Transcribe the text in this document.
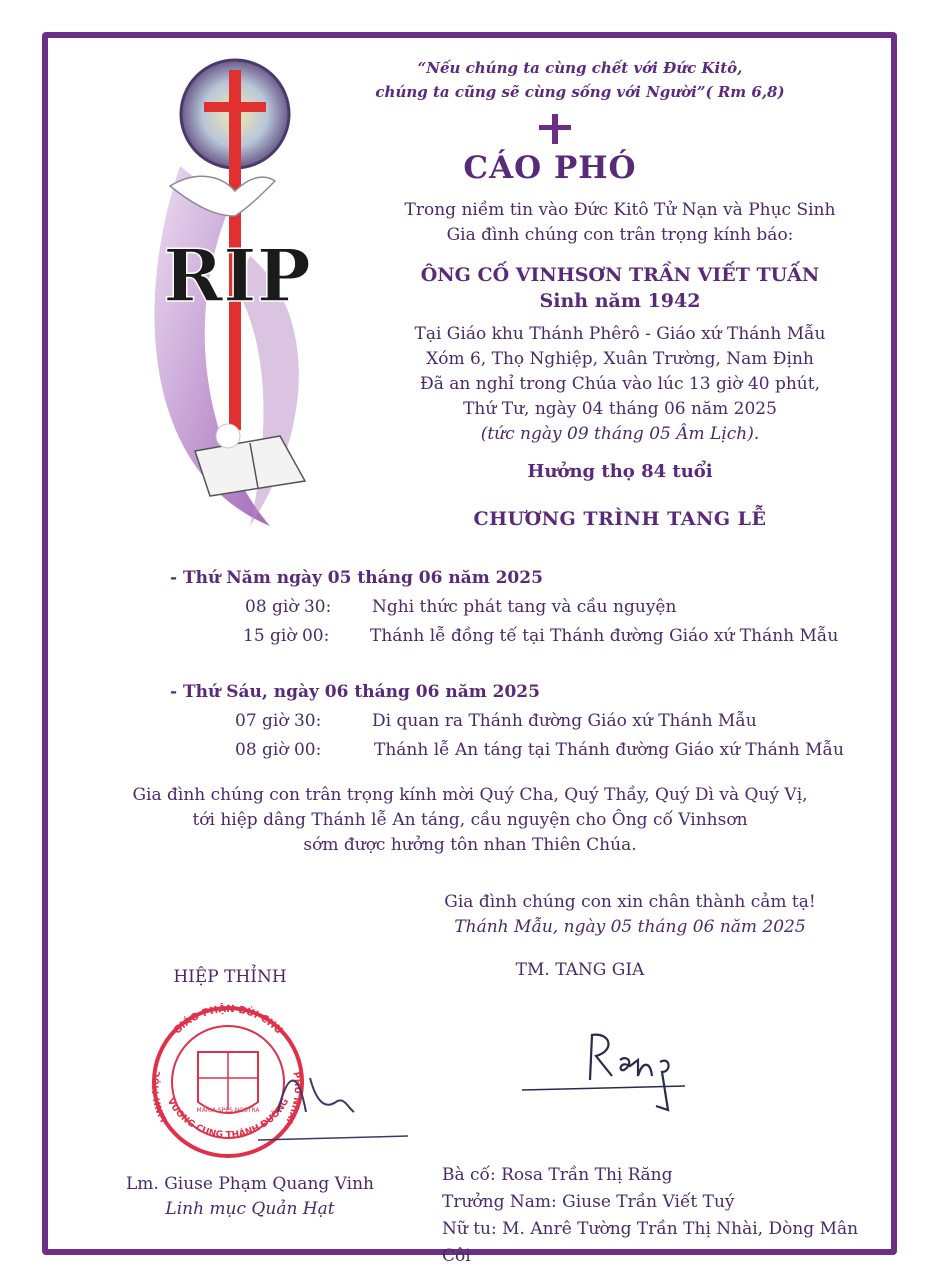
RIP
“Nếu chúng ta cùng chết với Đức Kitô,
chúng ta cũng sẽ cùng sống với Người”( Rm 6,8)
CÁO PHÓ
Trong niềm tin vào Đức Kitô Tử Nạn và Phục Sinh
Gia đình chúng con trân trọng kính báo:
ÔNG CỐ VINHSƠN TRẦN VIẾT TUẤN
Sinh năm 1942
Tại Giáo khu Thánh Phêrô - Giáo xứ Thánh Mẫu
Xóm 6, Thọ Nghiệp, Xuân Trường, Nam Định
Đã an nghỉ trong Chúa vào lúc 13 giờ 40 phút,
Thứ Tư, ngày 04 tháng 06 năm 2025
(tức ngày 09 tháng 05 Âm Lịch).
Hưởng thọ 84 tuổi
CHƯƠNG TRÌNH TANG LỄ
- Thứ Năm ngày 05 tháng 06 năm 2025
08 giờ 30: Nghi thức phát tang và cầu nguyện
15 giờ 00: Thánh lễ đồng tế tại Thánh đường Giáo xứ Thánh Mẫu
- Thứ Sáu, ngày 06 tháng 06 năm 2025
07 giờ 30:	Di quan ra Thánh đường Giáo xứ Thánh Mẫu
08 giờ 00:	Thánh lễ An táng tại Thánh đường Giáo xứ Thánh Mẫu
Gia đình chúng con trân trọng kính mời Quý Cha, Quý Thầy, Quý Dì và Quý Vị,
tới hiệp dâng Thánh lễ An táng, cầu nguyện cho Ông cố Vinhsơn
sớm được hưởng tôn nhan Thiên Chúa.
Gia đình chúng con xin chân thành cảm tạ!
Thánh Mẫu, ngày 05 tháng 06 năm 2025
HIỆP THỈNH	TM. TANG GIA
GIÁO PHẬN BÙI CHU
LINH MỤC
VƯƠNG CUNG THÁNH ĐƯỜNG
PHÚ NHAI
MARIA SPES NOSTRA
Rang
Lm. Giuse Phạm Quang Vinh
Linh mục Quản Hạt
Bà cố: Rosa Trần Thị Răng
Trưởng Nam: Giuse Trần Viết Tuý
Nữ tu: M. Anrê Tường Trần Thị Nhài, Dòng Mân Côi
